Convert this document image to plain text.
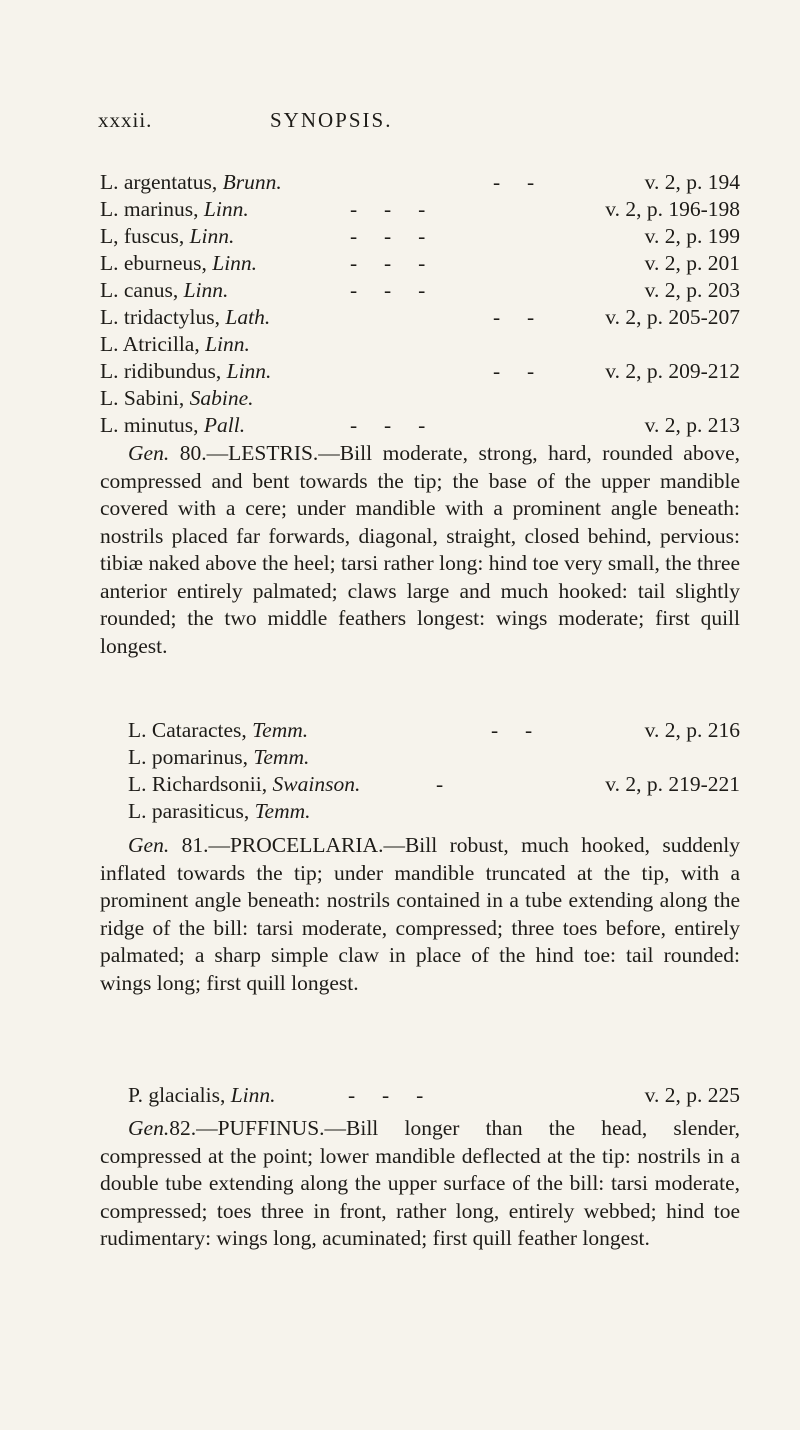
xxxii.	SYNOPSIS.
L. argentatus, Brunn.	-     -	v. 2, p. 194
L. marinus, Linn.	-     -     -	v. 2, p. 196-198
L, fuscus, Linn.	-     -     -	v. 2, p. 199
L. eburneus, Linn.	-     -     -	v. 2, p. 201
L. canus, Linn.	-     -     -	v. 2, p. 203
L. tridactylus, Lath.	-     -	v. 2, p. 205-207
L. Atricilla, Linn.
L. ridibundus, Linn.	-     -	v. 2, p. 209-212
L. Sabini, Sabine.
L. minutus, Pall.	-     -     -	v. 2, p. 213

Gen. 80.—LESTRIS.—Bill moderate, strong, hard, rounded above, compressed and bent towards the tip; the base of the upper mandible covered with a cere; under mandible with a prominent angle beneath: nostrils placed far forwards, diagonal, straight, closed behind, pervious: tibiæ naked above the heel; tarsi rather long: hind toe very small, the three anterior entirely palmated; claws large and much hooked: tail slightly rounded; the two middle feathers longest: wings moderate; first quill longest.

L. Cataractes, Temm.	-     -	v. 2, p. 216
L. pomarinus, Temm.
L. Richardsonii, Swainson.	-	v. 2, p. 219-221
L. parasiticus, Temm.

Gen. 81.—PROCELLARIA.—Bill robust, much hooked, suddenly inflated towards the tip; under mandible truncated at the tip, with a prominent angle beneath: nostrils contained in a tube extending along the ridge of the bill: tarsi moderate, compressed; three toes before, entirely palmated; a sharp simple claw in place of the hind toe: tail rounded: wings long; first quill longest.

P. glacialis, Linn.	-     -     -	v. 2, p. 225

Gen.82.—PUFFINUS.—Bill longer than the head, slender, compressed at the point; lower mandible deflected at the tip: nostrils in a double tube extending along the upper surface of the bill: tarsi moderate, compressed; toes three in front, rather long, entirely webbed; hind toe rudimentary: wings long, acuminated; first quill feather longest.
